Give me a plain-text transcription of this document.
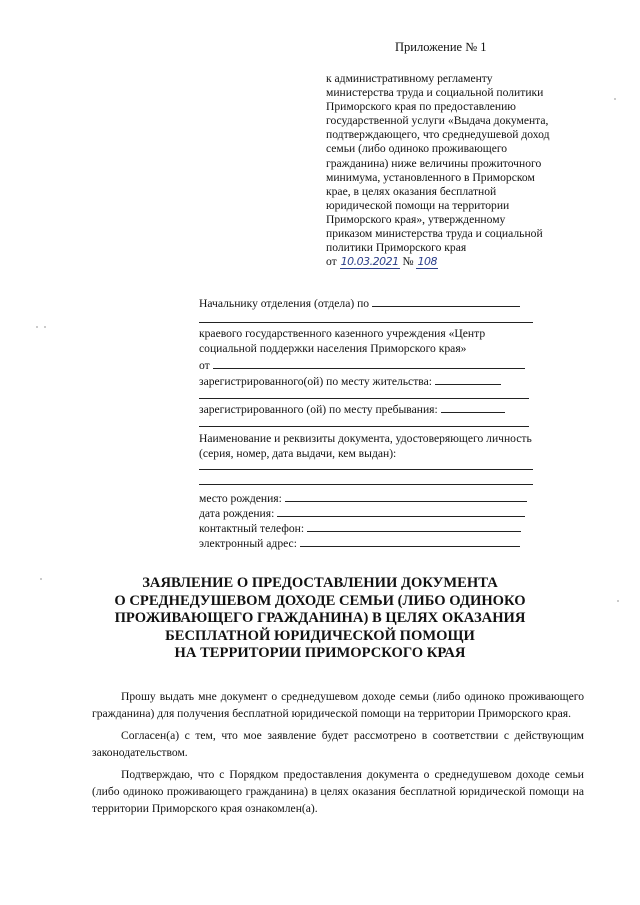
Приложение № 1
к административному регламенту
министерства труда и социальной политики
Приморского края по предоставлению
государственной услуги «Выдача документа,
подтверждающего, что среднедушевой доход
семьи (либо одиноко проживающего
гражданина) ниже величины прожиточного
минимума, установленного в Приморском
крае, в целях оказания бесплатной
юридической помощи на территории
Приморского края», утвержденному
приказом министерства труда и социальной
политики Приморского края
от 10.03.2021 № 108
Начальнику отделения (отдела) по
краевого государственного казенного учреждения «Центр
социальной поддержки населения Приморского края»
от
зарегистрированного(ой) по месту жительства:
зарегистрированного (ой) по месту пребывания:
Наименование и реквизиты документа, удостоверяющего личность
(серия, номер, дата выдачи, кем выдан):
место рождения:
дата рождения:
контактный телефон:
электронный адрес:
ЗАЯВЛЕНИЕ О ПРЕДОСТАВЛЕНИИ ДОКУМЕНТА
О СРЕДНЕДУШЕВОМ ДОХОДЕ СЕМЬИ (ЛИБО ОДИНОКО
ПРОЖИВАЮЩЕГО ГРАЖДАНИНА) В ЦЕЛЯХ ОКАЗАНИЯ
БЕСПЛАТНОЙ ЮРИДИЧЕСКОЙ ПОМОЩИ
НА ТЕРРИТОРИИ ПРИМОРСКОГО КРАЯ

Прошу выдать мне документ о среднедушевом доходе семьи (либо одиноко проживающего гражданина) для получения бесплатной юридической помощи на территории Приморского края.

Согласен(а) с тем, что мое заявление будет рассмотрено в соответствии с действующим законодательством.

Подтверждаю, что с Порядком предоставления документа о среднедушевом доходе семьи (либо одиноко проживающего гражданина) в целях оказания бесплатной юридической помощи на территории Приморского края ознакомлен(а).
